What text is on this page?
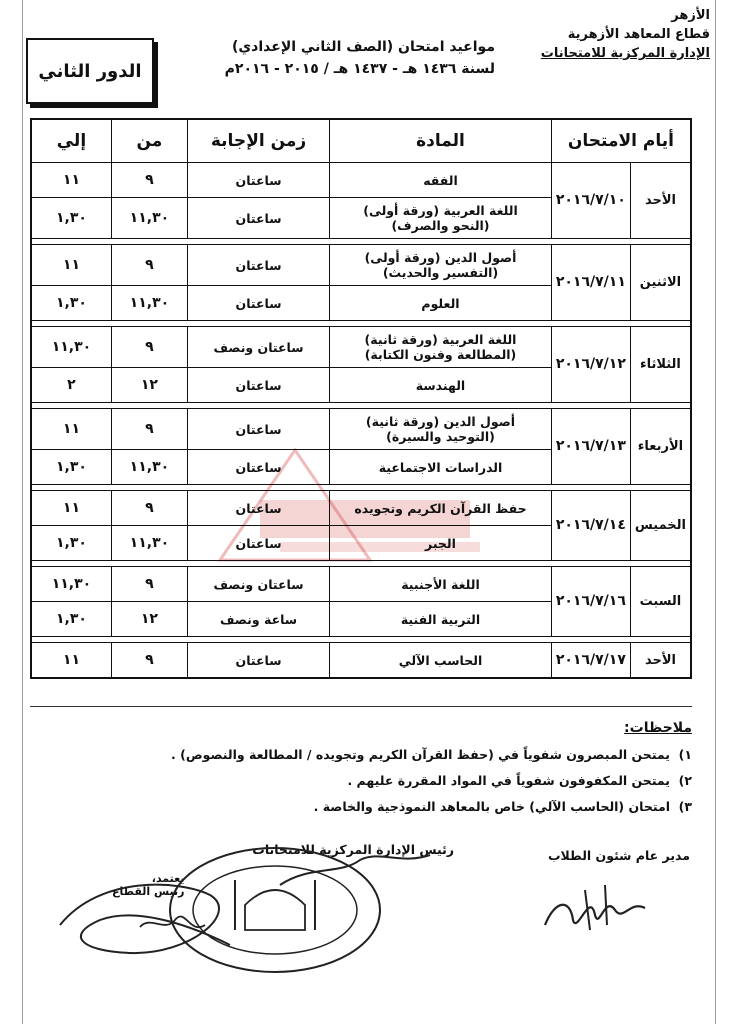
الأزهر
قطاع المعاهد الأزهرية
الإدارة المركزية للامتحانات
مواعيد امتحان (الصف الثاني الإعدادي)
لسنة ١٤٣٦ هـ - ١٤٣٧ هـ / ٢٠١٥ - ٢٠١٦م
الدور الثاني
أيام الامتحان		المادة	زمن الإجابة	من	إلي
الأحد	٢٠١٦/٧/١٠	الفقه	ساعتان	٩	١١

		اللغة العربية (ورقة أولى)
(النحو والصرف)	ساعتان	١١,٣٠	١,٣٠

الاثنين	٢٠١٦/٧/١١	أصول الدين (ورقة أولى)
(التفسير والحديث)	ساعتان	٩	١١

		العلوم	ساعتان	١١,٣٠	١,٣٠

الثلاثاء	٢٠١٦/٧/١٢	اللغة العربية (ورقة ثانية)
(المطالعة وفنون الكتابة)	ساعتان ونصف	٩	١١,٣٠

		الهندسة	ساعتان	١٢	٢

الأربعاء	٢٠١٦/٧/١٣	أصول الدين (ورقة ثانية)
(التوحيد والسيرة)	ساعتان	٩	١١

		الدراسات الاجتماعية	ساعتان	١١,٣٠	١,٣٠

الخميس	٢٠١٦/٧/١٤	حفظ القرآن الكريم وتجويده	ساعتان	٩	١١

		الجبر	ساعتان	١١,٣٠	١,٣٠

السبت	٢٠١٦/٧/١٦	اللغة الأجنبية	ساعتان ونصف	٩	١١,٣٠

		التربية الفنية	ساعة ونصف	١٢	١,٣٠

الأحد	٢٠١٦/٧/١٧	الحاسب الآلي	ساعتان	٩	١١
ملاحظات:
١)يمتحن المبصرون شفوياً في (حفظ القرآن الكريم وتجويده / المطالعة والنصوص) .
٢)يمتحن المكفوفون شفوياً في المواد المقررة عليهم .
٣)امتحان (الحاسب الآلي) خاص بالمعاهد النموذجية والخاصة .
مدير عام شئون الطلاب
رئيس الإدارة المركزية للامتحانات
يعتمد،
رئيس القطاع
